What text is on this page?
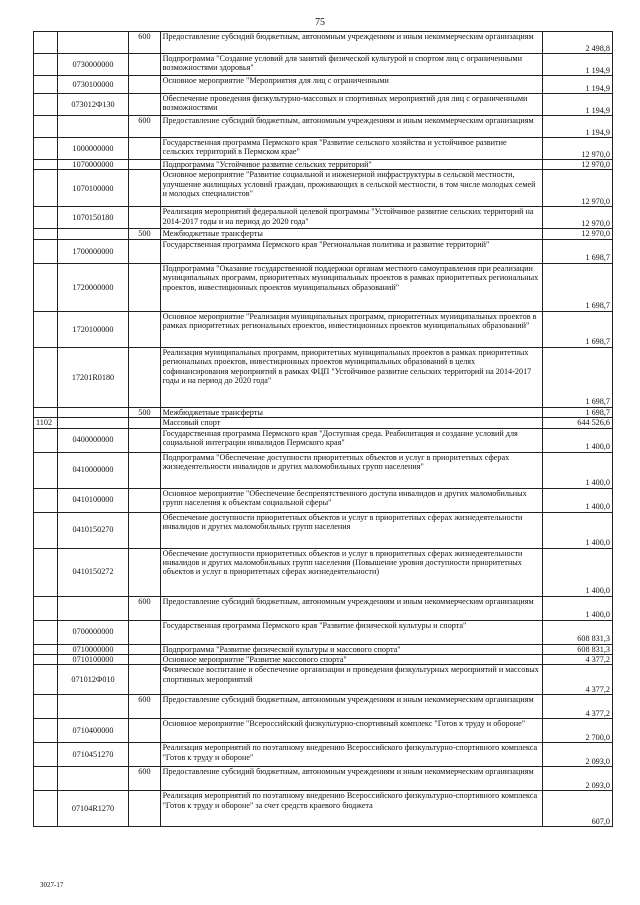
75
		600	Предоставление субсидий бюджетным, автономным учреждениям и иным некоммерческим организациям	2 498,8
	0730000000		Подпрограмма "Создание условий для занятий физической культурой и спортом лиц с ограниченными возможностями здоровья"	1 194,9
	0730100000		Основное мероприятие "Мероприятия для лиц с ограниченными	1 194,9
	073012Ф130		Обеспечение проведения физкультурно-массовых и спортивных мероприятий для лиц с ограниченными возможностями	1 194,9
		600	Предоставление субсидий бюджетным, автономным учреждениям и иным некоммерческим организациям	1 194,9
	1000000000		Государственная программа Пермского края "Развитие сельского хозяйства и устойчивое развитие сельских территорий в Пермском крае"	12 970,0
	1070000000		Подпрограмма "Устойчивое развитие сельских территорий"	12 970,0
	1070100000		Основное мероприятие "Развитие социальной и инженерной инфраструктуры в сельской местности, улучшение жилищных условий граждан, проживающих в сельской местности, в том числе молодых семей и молодых специалистов"	12 970,0
	1070150180		Реализация мероприятий федеральной целевой программы "Устойчивое развитие сельских территорий на 2014-2017 годы и на период до 2020 года"	12 970,0
		500	Межбюджетные трансферты	12 970,0
	1700000000		Государственная программа Пермского края "Региональная политика и развитие территорий"	1 698,7
	1720000000		Подпрограмма "Оказание государственной поддержки органам местного самоуправления при реализации муниципальных программ, приоритетных муниципальных проектов в рамках приоритетных региональных проектов, инвестиционных проектов муниципальных образований"	1 698,7
	1720100000		Основное мероприятие "Реализация муниципальных программ, приоритетных муниципальных проектов в рамках приоритетных региональных проектов, инвестиционных проектов муниципальных образований"	1 698,7
	17201R0180		Реализация муниципальных программ, приоритетных муниципальных проектов в рамках приоритетных региональных проектов, инвестиционных проектов муниципальных образований в целях софинансирования мероприятий в рамках ФЦП "Устойчивое развитие сельских территорий на 2014-2017 годы и на период до 2020 года"	1 698,7
		500	Межбюджетные трансферты	1 698,7
1102			Массовый спорт	644 526,6
	0400000000		Государственная программа Пермского края "Доступная среда. Реабилитация и создание условий для социальной интеграции инвалидов Пермского края"	1 400,0
	0410000000		Подпрограмма "Обеспечение доступности приоритетных объектов и услуг в приоритетных сферах жизнедеятельности инвалидов и других маломобильных групп населения"	1 400,0
	0410100000		Основное мероприятие "Обеспечение беспрепятственного доступа инвалидов и других маломобильных групп населения к объектам социальной сферы"	1 400,0
	0410150270		Обеспечение доступности приоритетных объектов и услуг в приоритетных сферах жизнедеятельности инвалидов и других маломобильных групп населения	1 400,0
	0410150272		Обеспечение доступности приоритетных объектов и услуг в приоритетных сферах жизнедеятельности инвалидов и других маломобильных групп населения (Повышение уровня доступности приоритетных объектов и услуг в приоритетных сферах жизнедеятельности)	1 400,0
		600	Предоставление субсидий бюджетным, автономным учреждениям и иным некоммерческим организациям	1 400,0
	0700000000		Государственная программа Пермского края "Развитие физической культуры и спорта"	608 831,3
	0710000000		Подпрограмма "Развитие физической культуры и массового спорта"	608 831,3
	0710100000		Основное мероприятие "Развитие массового спорта"	4 377,2
	071012Ф010		Физическое воспитание и обеспечение организации и проведения физкультурных мероприятий и массовых спортивных мероприятий	4 377,2
		600	Предоставление субсидий бюджетным, автономным учреждениям и иным некоммерческим организациям	4 377,2
	0710400000		Основное мероприятие "Всероссийский физкультурно-спортивный комплекс "Готов к труду и обороне"	2 700,0
	0710451270		Реализация мероприятий по поэтапному внедрению Всероссийского физкультурно-спортивного комплекса "Готов к труду и обороне"	2 093,0
		600	Предоставление субсидий бюджетным, автономным учреждениям и иным некоммерческим организациям	2 093,0
	07104R1270		Реализация мероприятий по поэтапному внедрению Всероссийского физкультурно-спортивного комплекса "Готов к труду и обороне" за счет средств краевого бюджета	607,0
3027-17
